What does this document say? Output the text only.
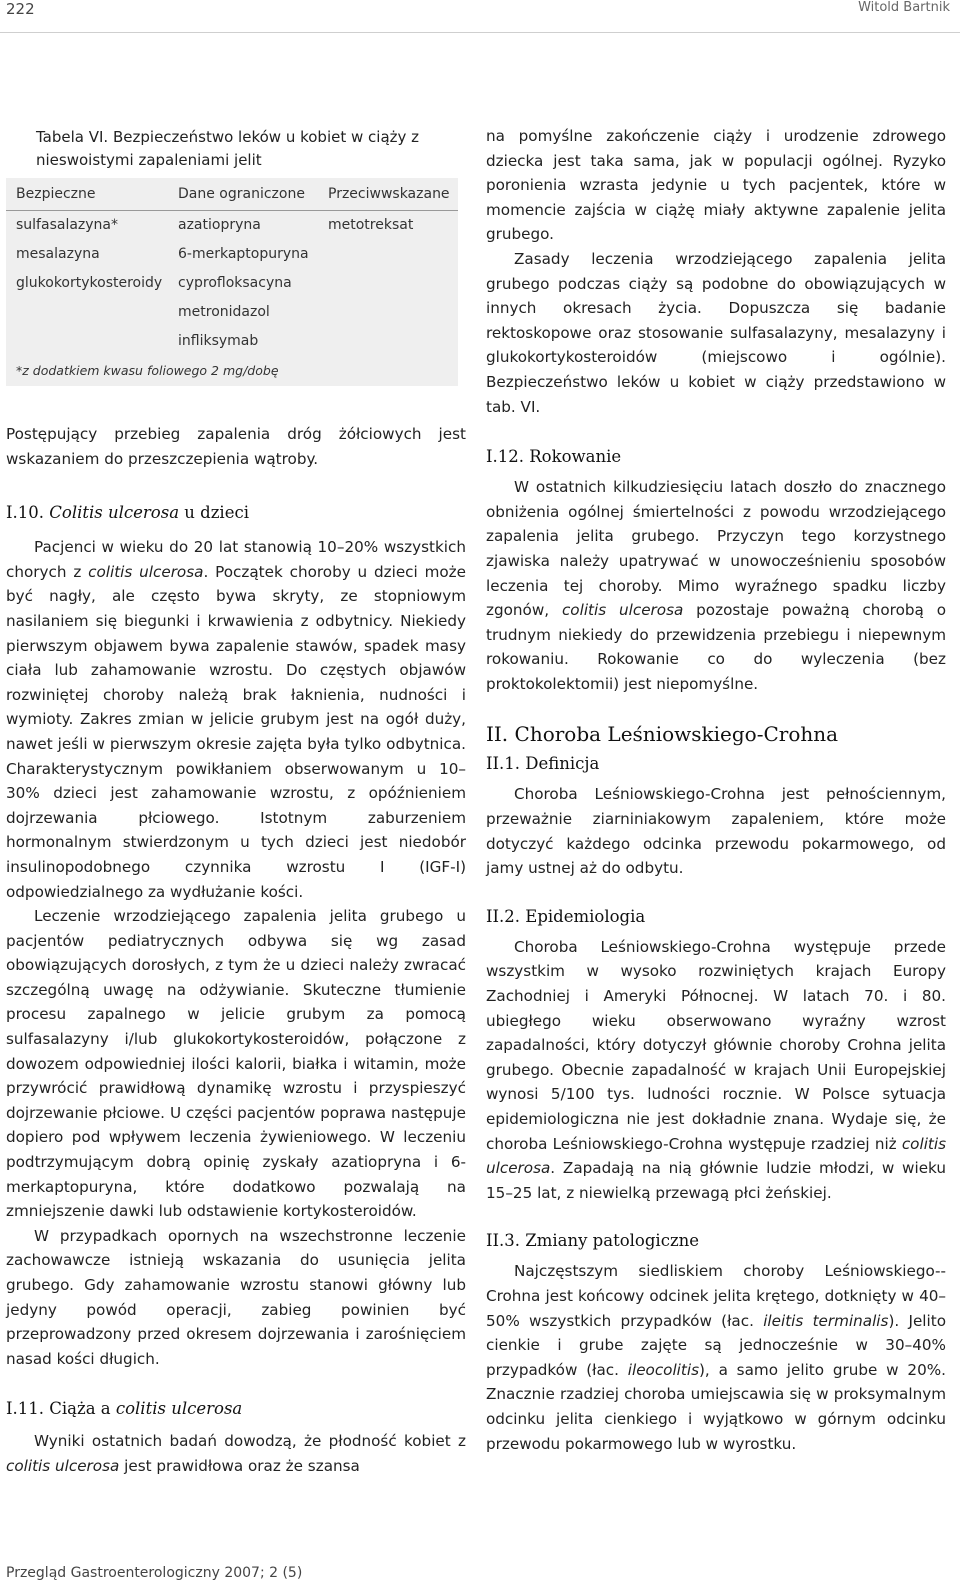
222	Witold Bartnik
Tabela VI. Bezpieczeństwo leków u kobiet w ciąży z nieswoistymi zapaleniami jelit
Bezpieczne	Dane ograniczone	Przeciwwskazane
sulfasalazyna*	azatiopryna	metotreksat
mesalazyna	6-merkaptopuryna	
glukokortykosteroidy	cyprofloksacyna	
	metronidazol	
	infliksymab	
*z dodatkiem kwasu foliowego 2 mg/dobę

Postępujący przebieg zapalenia dróg żółciowych jest wskazaniem do przeszczepienia wątroby.

I.10. Colitis ulcerosa u dzieci

Pacjenci w wieku do 20 lat stanowią 10–20% wszystkich chorych z colitis ulcerosa. Początek choroby u dzieci może być nagły, ale często bywa skryty, ze stopniowym nasilaniem się biegunki i krwawienia z odbytnicy. Niekiedy pierwszym objawem bywa zapalenie stawów, spadek masy ciała lub zahamowanie wzrostu. Do częstych objawów rozwiniętej choroby należą brak łaknienia, nudności i wymioty. Zakres zmian w jelicie grubym jest na ogół duży, nawet jeśli w pierwszym okresie zajęta była tylko odbytnica. Charakterystycznym powikłaniem obserwowanym u 10–30% dzieci jest zahamowanie wzrostu, z opóźnieniem dojrzewania płciowego. Istotnym zaburzeniem hormonalnym stwierdzonym u tych dzieci jest niedobór insulinopodobnego czynnika wzrostu I (IGF-I) odpowiedzialnego za wydłużanie kości.

Leczenie wrzodziejącego zapalenia jelita grubego u pacjentów pediatrycznych odbywa się wg zasad obowiązujących dorosłych, z tym że u dzieci należy zwracać szczególną uwagę na odżywianie. Skuteczne tłumienie procesu zapalnego w jelicie grubym za pomocą sulfasalazyny i/lub glukokortykosteroidów, połączone z dowozem odpowiedniej ilości kalorii, białka i witamin, może przywrócić prawidłową dynamikę wzrostu i przyspieszyć dojrzewanie płciowe. U części pacjentów poprawa następuje dopiero pod wpływem leczenia żywieniowego. W leczeniu podtrzymującym dobrą opinię zyskały azatiopryna i 6-merkaptopuryna, które dodatkowo pozwalają na zmniejszenie dawki lub odstawienie kortykosteroidów.

W przypadkach opornych na wszechstronne leczenie zachowawcze istnieją wskazania do usunięcia jelita grubego. Gdy zahamowanie wzrostu stanowi główny lub jedyny powód operacji, zabieg powinien być przeprowadzony przed okresem dojrzewania i zarośnięciem nasad kości długich.

I.11. Ciąża a colitis ulcerosa

Wyniki ostatnich badań dowodzą, że płodność kobiet z colitis ulcerosa jest prawidłowa oraz że szansa

na pomyślne zakończenie ciąży i urodzenie zdrowego dziecka jest taka sama, jak w populacji ogólnej. Ryzyko poronienia wzrasta jedynie u tych pacjentek, które w momencie zajścia w ciążę miały aktywne zapalenie jelita grubego.

Zasady leczenia wrzodziejącego zapalenia jelita grubego podczas ciąży są podobne do obowiązujących w innych okresach życia. Dopuszcza się badanie rektoskopowe oraz stosowanie sulfasalazyny, mesalazyny i glukokortykosteroidów (miejscowo i ogólnie). Bezpieczeństwo leków u kobiet w ciąży przedstawiono w tab. VI.

I.12. Rokowanie

W ostatnich kilkudziesięciu latach doszło do znacznego obniżenia ogólnej śmiertelności z powodu wrzodziejącego zapalenia jelita grubego. Przyczyn tego korzystnego zjawiska należy upatrywać w unowocześnieniu sposobów leczenia tej choroby. Mimo wyraźnego spadku liczby zgonów, colitis ulcerosa pozostaje poważną chorobą o trudnym niekiedy do przewidzenia przebiegu i niepewnym rokowaniu. Rokowanie co do wyleczenia (bez proktokolektomii) jest niepomyślne.

II. Choroba Leśniowskiego-Crohna
II.1. Definicja

Choroba Leśniowskiego-Crohna jest pełnościennym, przeważnie ziarniniakowym zapaleniem, które może dotyczyć każdego odcinka przewodu pokarmowego, od jamy ustnej aż do odbytu.

II.2. Epidemiologia

Choroba Leśniowskiego-Crohna występuje przede wszystkim w wysoko rozwiniętych krajach Europy Zachodniej i Ameryki Północnej. W latach 70. i 80. ubiegłego wieku obserwowano wyraźny wzrost zapadalności, który dotyczył głównie choroby Crohna jelita grubego. Obecnie zapadalność w krajach Unii Europejskiej wynosi 5/100 tys. ludności rocznie. W Polsce sytuacja epidemiologiczna nie jest dokładnie znana. Wydaje się, że choroba Leśniowskiego-Crohna występuje rzadziej niż colitis ulcerosa. Zapadają na nią głównie ludzie młodzi, w wieku 15–25 lat, z niewielką przewagą płci żeńskiej.

II.3. Zmiany patologiczne

Najczęstszym siedliskiem choroby Leśniowskiego--Crohna jest końcowy odcinek jelita krętego, dotknięty w 40–50% wszystkich przypadków (łac. ileitis terminalis). Jelito cienkie i grube zajęte są jednocześnie w 30–40% przypadków (łac. ileocolitis), a samo jelito grube w 20%. Znacznie rzadziej choroba umiejscawia się w proksymalnym odcinku jelita cienkiego i wyjątkowo w górnym odcinku przewodu pokarmowego lub w wyrostku.

Przegląd Gastroenterologiczny 2007; 2 (5)
